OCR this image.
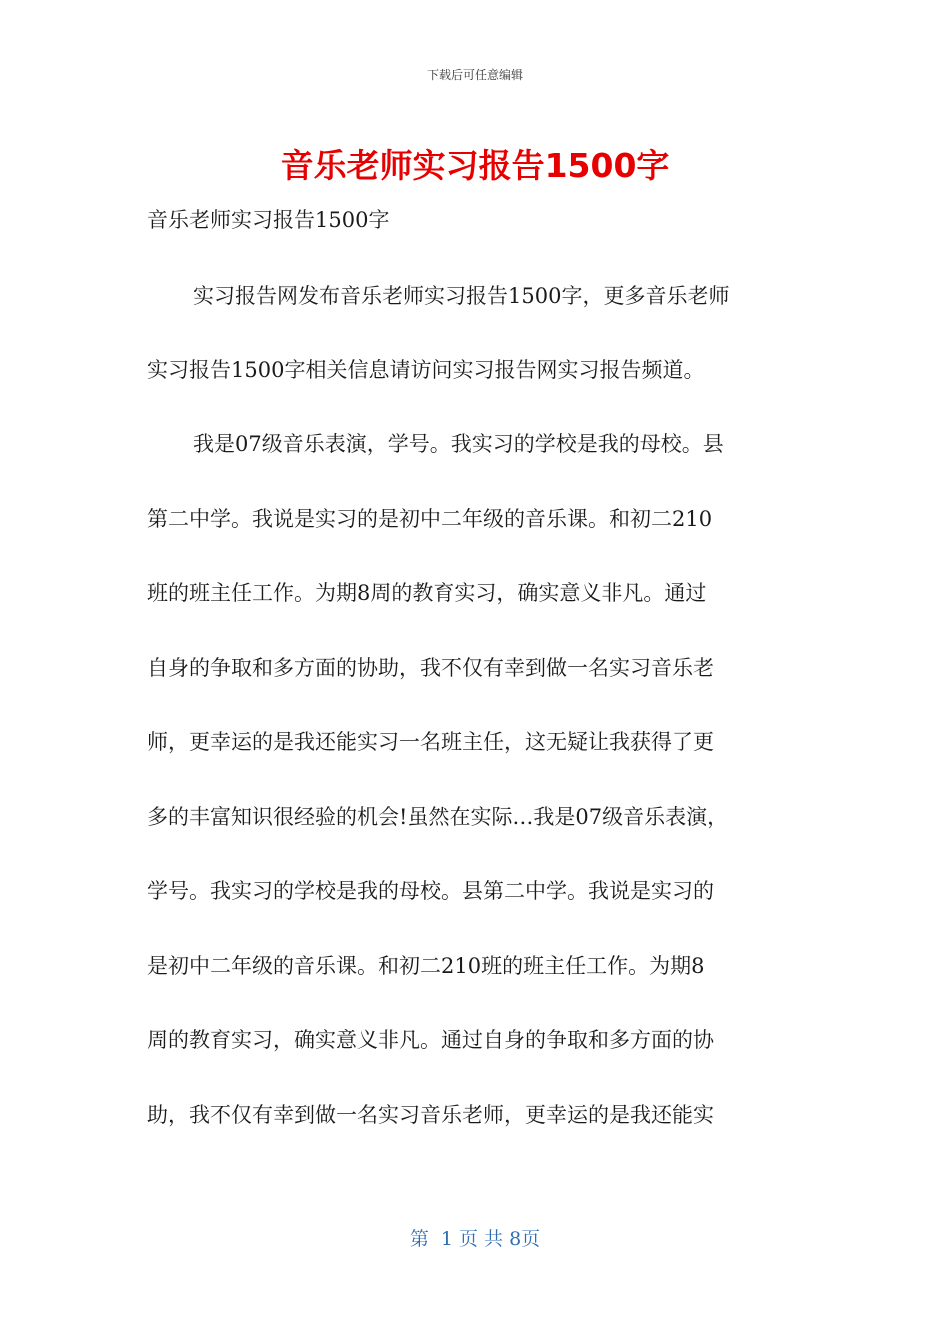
下载后可任意编辑
音乐老师实习报告1500字
音乐老师实习报告1500字
实习报告网发布音乐老师实习报告1500字，更多音乐老师
实习报告1500字相关信息请访问实习报告网实习报告频道。
我是07级音乐表演，学号。我实习的学校是我的母校。县
第二中学。我说是实习的是初中二年级的音乐课。和初二210
班的班主任工作。为期8周的教育实习，确实意义非凡。通过
自身的争取和多方面的协助，我不仅有幸到做一名实习音乐老
师，更幸运的是我还能实习一名班主任，这无疑让我获得了更
多的丰富知识很经验的机会!虽然在实际…我是07级音乐表演，
学号。我实习的学校是我的母校。县第二中学。我说是实习的
是初中二年级的音乐课。和初二210班的班主任工作。为期8
周的教育实习，确实意义非凡。通过自身的争取和多方面的协
助，我不仅有幸到做一名实习音乐老师，更幸运的是我还能实
第  1 页 共 8页
